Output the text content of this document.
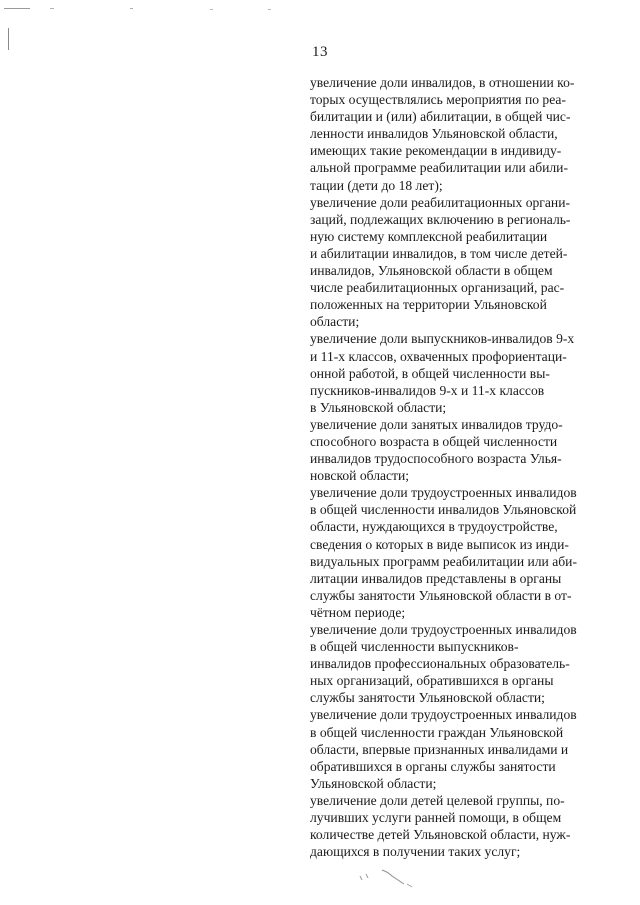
13

увеличение доли инвалидов, в отношении ко-
торых осуществлялись мероприятия по реа-
билитации и (или) абилитации, в общей чис-
ленности инвалидов Ульяновской области,
имеющих такие рекомендации в индивиду-
альной программе реабилитации или абили-
тации (дети до 18 лет);

увеличение доли реабилитационных органи-
заций, подлежащих включению в региональ-
ную систему комплексной реабилитации
и абилитации инвалидов, в том числе детей-
инвалидов, Ульяновской области в общем
числе реабилитационных организаций, рас-
положенных на территории Ульяновской
области;

увеличение доли выпускников-инвалидов 9-х
и 11-х классов, охваченных профориентаци-
онной работой, в общей численности вы-
пускников-инвалидов 9-х и 11-х классов
в Ульяновской области;

увеличение доли занятых инвалидов трудо-
способного возраста в общей численности
инвалидов трудоспособного возраста Улья-
новской области;

увеличение доли трудоустроенных инвалидов
в общей численности инвалидов Ульяновской
области, нуждающихся в трудоустройстве,
сведения о которых в виде выписок из инди-
видуальных программ реабилитации или аби-
литации инвалидов представлены в органы
службы занятости Ульяновской области в от-
чётном периоде;

увеличение доли трудоустроенных инвалидов
в общей численности выпускников-
инвалидов профессиональных образователь-
ных организаций, обратившихся в органы
службы занятости Ульяновской области;

увеличение доли трудоустроенных инвалидов
в общей численности граждан Ульяновской
области, впервые признанных инвалидами и
обратившихся в органы службы занятости
Ульяновской области;

увеличение доли детей целевой группы, по-
лучивших услуги ранней помощи, в общем
количестве детей Ульяновской области, нуж-
дающихся в получении таких услуг;
